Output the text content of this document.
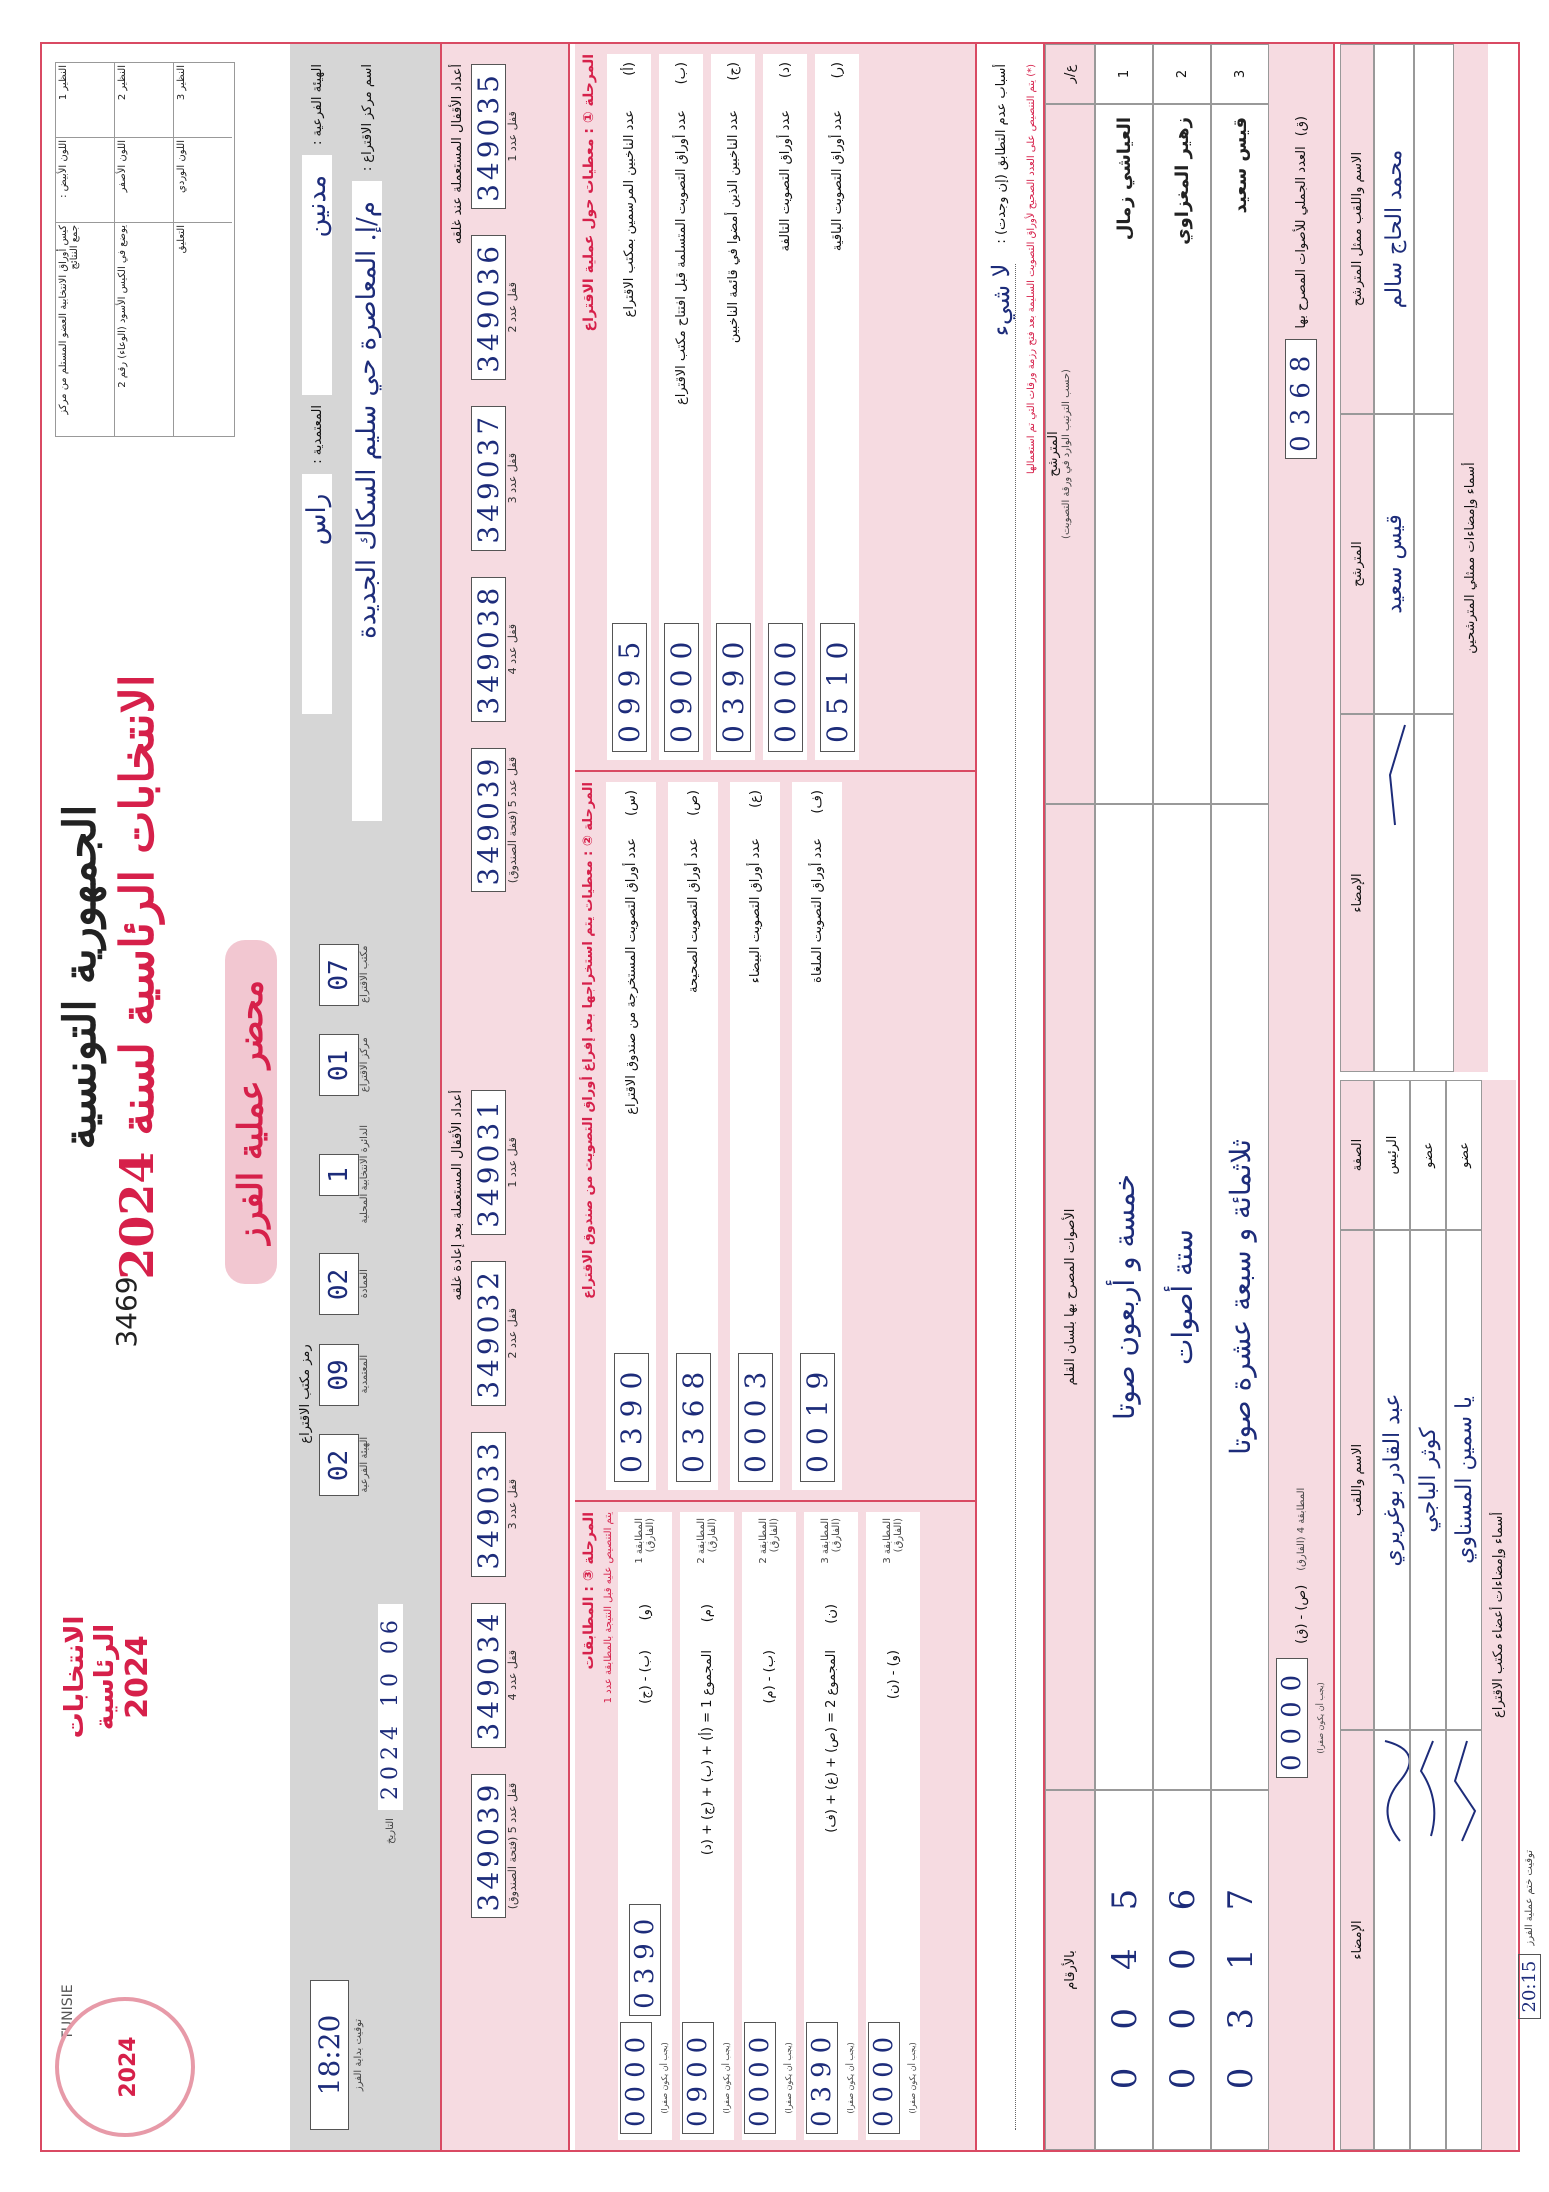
النظير 1
اللون الأبيض :
كيس أوراق الانتخابية العضو المستلم من مركز جمع النتائج
النظير 2
اللون الأصفر
يوضع في الكيس الأسود (الوعاء) رقم 2
النظير 3
اللون الوردي
التعليق
الجمهورية التونسية
الانتخابات الرئاسية لسنة 2024
الانتخابات الرئاسية 2024
3469
TUNISIE
2024
محضر عملية الفرز
الهيئة الفرعية :
مدنين
المعتمدية :
راس
اسم مركز الاقتراع :
م/إ. المعاصرة حي سليم السكاك الجديدة
رمز مكتب الاقتراع
07 مكتب الاقتراع
01 مركز الاقتراع
1 الدائرة الانتخابية المحلية
02 العمادة
09 المعتمدية
02 الهيئة الفرعية
2024 10 06
التاريخ
18:20 توقيت بداية الفرز
أعداد الأقفال المستعملة عند غلقه 349035 قفل عدد 1
349036 قفل عدد 2
349037 قفل عدد 3
349038 قفل عدد 4
349039 قفل عدد 5 (فتحة الصندوق)
أعداد الأقفال المستعملة بعد إعادة غلقه 349031 قفل عدد 1
349032 قفل عدد 2
349033 قفل عدد 3
349034 قفل عدد 4
349039 قفل عدد 5 (فتحة الصندوق)
المرحلة ① : معطيات حول عملية الاقتراع	(أ)
عدد الناخبين المرسمين بمكتب الاقتراع
0995
(ب)
عدد أوراق التصويت المتسلمة قبل افتتاح مكتب الاقتراع
0900
(ج)
عدد الناخبين الذين أمضوا في قائمة الناخبين
0390
(د)
عدد أوراق التصويت التالفة
0000
(ر)
عدد أوراق التصويت الباقية
0510
المرحلة ② : معطيات يتم استخراجها بعد إفراغ أوراق التصويت من صندوق الاقتراع	(س)
عدد أوراق التصويت المستخرجة من صندوق الاقتراع
0390
(ص)
عدد أوراق التصويت الصحيحة
0368
(ع)
عدد أوراق التصويت البيضاء
0003
(ف)
عدد أوراق التصويت الملغاة
0019
المرحلة ③ : المطابقات
يتم التنصيص عليه قبل النتيجة بالمطابقة عدد 1 المطابقة 1 (الفارق)
(و)
(ب) - (ج)
0390
0000 (يجب أن يكون صفرا)
المطابقة 2 (الفارق)
(م)
المجموع 1 = (أ) + (ب) + (ج) + (د)
0900 (يجب أن يكون صفرا)
المطابقة 2 (الفارق)
(ب) - (م)
0000 (يجب أن يكون صفرا)
المطابقة 3 (الفارق)
(ن)
المجموع 2 = (ص) + (ع) + (ف)
0390 (يجب أن يكون صفرا)
المطابقة 3 (الفارق)
(و) - (ن)
0000 (يجب أن يكون صفرا)
أسباب عدم التطابق (إن وجدت) :
لا شيء (*) يتم التنصيص على العدد الصحيح لأوراق التصويت السليمة بعد فتح رزمة ورقات التي تم استعمالها	ع/ر
المترشح (حسب الترتيب الوارد في ورقة التصويت)
الأصوات المصرح بها بلسان القلم
بالأرقام
1
العياشي زمال
خمسة و أربعون صوتا
0045
2
زهير المغزاوي
ستة أصوات
0006
3
قيس سعيد
ثلاثمائة و سبعة عشرة صوتا
0317
(ق)
العدد الجملي للأصوات المصرح بها
0368
المطابقة 4 (الفارق)
(ص) - (ق)
0000 (يجب أن يكون صفرا)
الاسم واللقب ممثل المترشح
المترشح
الإمضاء
محمد الحاج سالم
قيس سعيد	أسماء وإمضاءات ممثلي المترشحين
الصفة
الاسم واللقب
الإمضاء
الرئيس
عبد القادر بوغريري
عضو
كوثر الباجي
عضو
يا سمين المسناوي
أسماء وإمضاءات أعضاء مكتب الاقتراع
توقيت ختم عملية الفرز
20:15
